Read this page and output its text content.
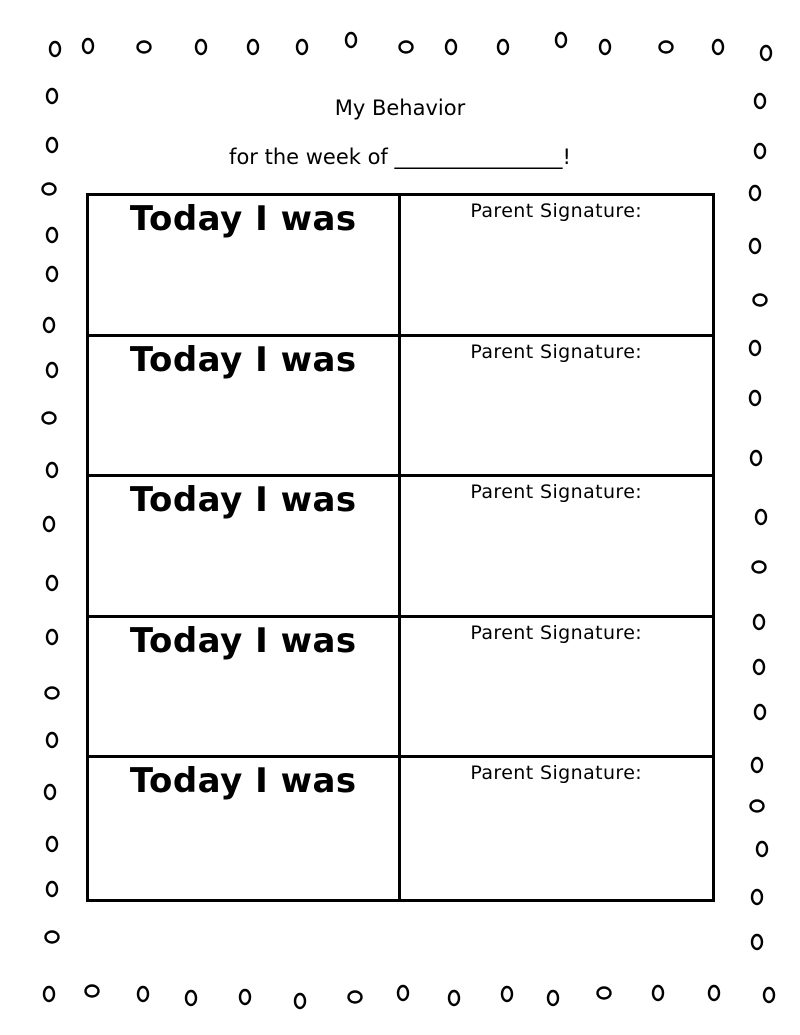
My Behavior
for the week of ________________!
Today I was	Parent Signature:
Today I was	Parent Signature:
Today I was	Parent Signature:
Today I was	Parent Signature:
Today I was	Parent Signature:
